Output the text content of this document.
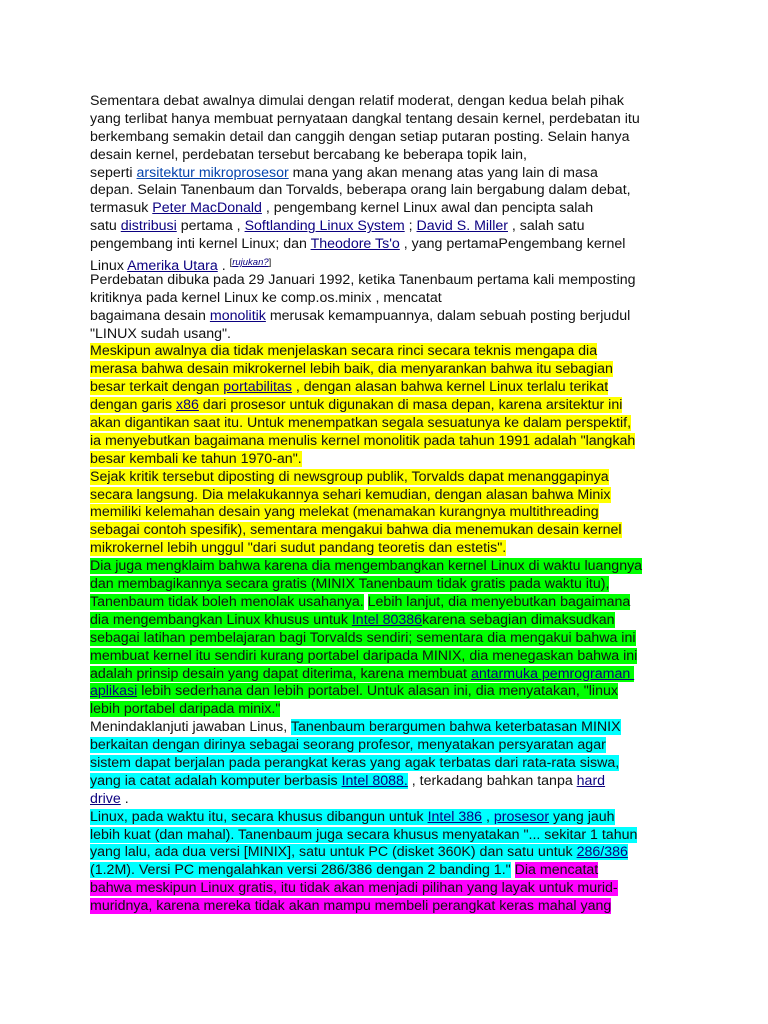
Sementara debat awalnya dimulai dengan relatif moderat, dengan kedua belah pihak
yang terlibat hanya membuat pernyataan dangkal tentang desain kernel, perdebatan itu
berkembang semakin detail dan canggih dengan setiap putaran posting. Selain hanya
desain kernel, perdebatan tersebut bercabang ke beberapa topik lain,
seperti arsitektur mikroprosesor mana yang akan menang atas yang lain di masa
depan. Selain Tanenbaum dan Torvalds, beberapa orang lain bergabung dalam debat,
termasuk Peter MacDonald , pengembang kernel Linux awal dan pencipta salah
satu distribusi pertama , Softlanding Linux System ; David S. Miller , salah satu
pengembang inti kernel Linux; dan Theodore Ts'o , yang pertamaPengembang kernel
Linux Amerika Utara . [rujukan?]
Perdebatan dibuka pada 29 Januari 1992, ketika Tanenbaum pertama kali memposting
kritiknya pada kernel Linux ke comp.os.minix , mencatat
bagaimana desain monolitik merusak kemampuannya, dalam sebuah posting berjudul
"LINUX sudah usang".
Meskipun awalnya dia tidak menjelaskan secara rinci secara teknis mengapa dia
merasa bahwa desain mikrokernel lebih baik, dia menyarankan bahwa itu sebagian
besar terkait dengan portabilitas , dengan alasan bahwa kernel Linux terlalu terikat
dengan garis x86 dari prosesor untuk digunakan di masa depan, karena arsitektur ini
akan digantikan saat itu. Untuk menempatkan segala sesuatunya ke dalam perspektif,
ia menyebutkan bagaimana menulis kernel monolitik pada tahun 1991 adalah "langkah
besar kembali ke tahun 1970-an".
Sejak kritik tersebut diposting di newsgroup publik, Torvalds dapat menanggapinya
secara langsung. Dia melakukannya sehari kemudian, dengan alasan bahwa Minix
memiliki kelemahan desain yang melekat (menamakan kurangnya multithreading
sebagai contoh spesifik), sementara mengakui bahwa dia menemukan desain kernel
mikrokernel lebih unggul "dari sudut pandang teoretis dan estetis".
Dia juga mengklaim bahwa karena dia mengembangkan kernel Linux di waktu luangnya
dan membagikannya secara gratis (MINIX Tanenbaum tidak gratis pada waktu itu),
Tanenbaum tidak boleh menolak usahanya. Lebih lanjut, dia menyebutkan bagaimana
dia mengembangkan Linux khusus untuk Intel 80386karena sebagian dimaksudkan
sebagai latihan pembelajaran bagi Torvalds sendiri; sementara dia mengakui bahwa ini
membuat kernel itu sendiri kurang portabel daripada MINIX, dia menegaskan bahwa ini
adalah prinsip desain yang dapat diterima, karena membuat antarmuka pemrograman
aplikasi lebih sederhana dan lebih portabel. Untuk alasan ini, dia menyatakan, "linux
lebih portabel daripada minix."
Menindaklanjuti jawaban Linus, Tanenbaum berargumen bahwa keterbatasan MINIX
berkaitan dengan dirinya sebagai seorang profesor, menyatakan persyaratan agar
sistem dapat berjalan pada perangkat keras yang agak terbatas dari rata-rata siswa,
yang ia catat adalah komputer berbasis Intel 8088. , terkadang bahkan tanpa hard
drive .
Linux, pada waktu itu, secara khusus dibangun untuk Intel 386 , prosesor yang jauh
lebih kuat (dan mahal). Tanenbaum juga secara khusus menyatakan "... sekitar 1 tahun
yang lalu, ada dua versi [MINIX], satu untuk PC (disket 360K) dan satu untuk 286/386
(1.2M). Versi PC mengalahkan versi 286/386 dengan 2 banding 1." Dia mencatat
bahwa meskipun Linux gratis, itu tidak akan menjadi pilihan yang layak untuk murid-
muridnya, karena mereka tidak akan mampu membeli perangkat keras mahal yang
